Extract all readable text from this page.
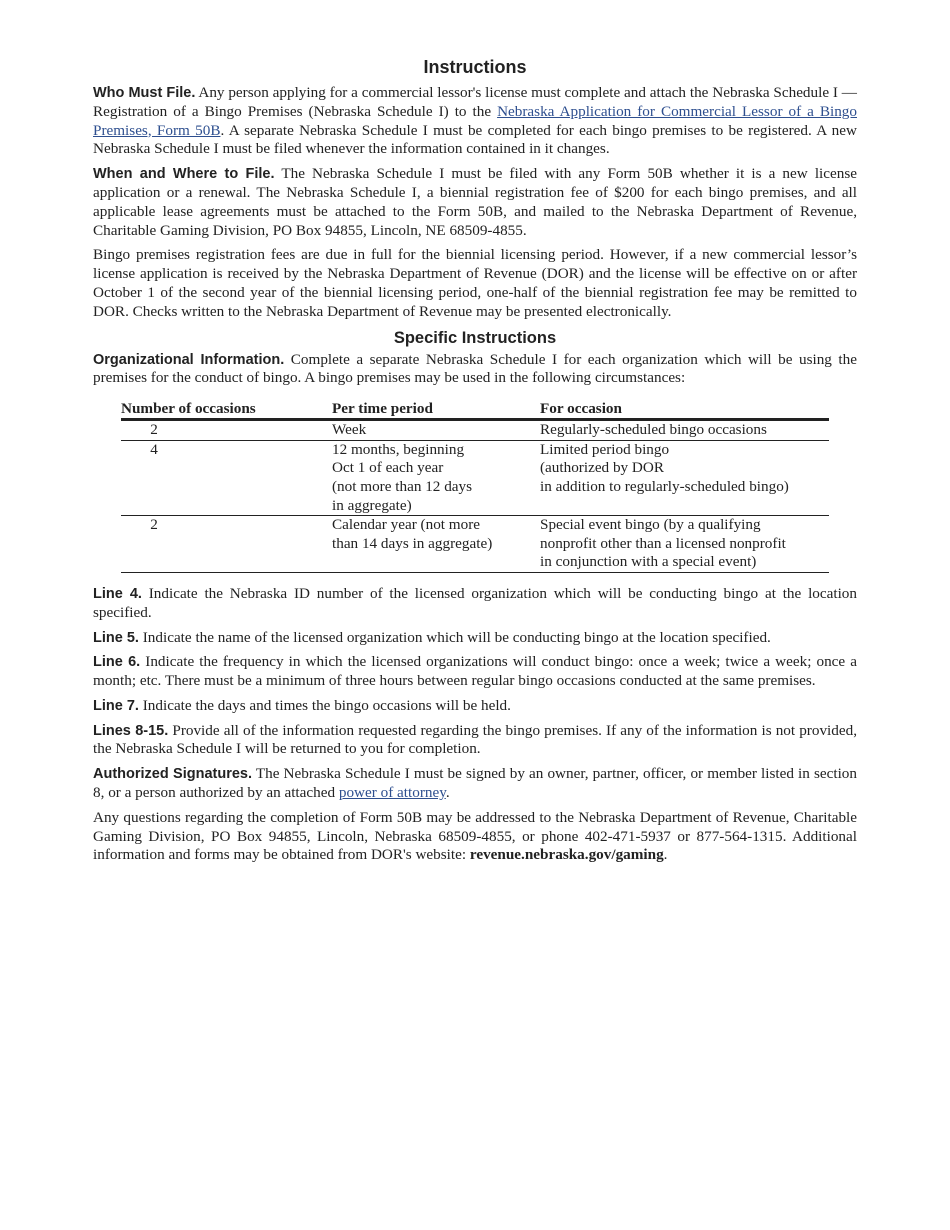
Instructions

Who Must File. Any person applying for a commercial lessor's license must complete and attach the Nebraska Schedule I — Registration of a Bingo Premises (Nebraska Schedule I) to the Nebraska Application for Commercial Lessor of a Bingo Premises, Form 50B. A separate Nebraska Schedule I must be completed for each bingo premises to be registered. A new Nebraska Schedule I must be filed whenever the information contained in it changes.

When and Where to File. The Nebraska Schedule I must be filed with any Form 50B whether it is a new license application or a renewal. The Nebraska Schedule I, a biennial registration fee of $200 for each bingo premises, and all applicable lease agreements must be attached to the Form 50B, and mailed to the Nebraska Department of Revenue, Charitable Gaming Division, PO Box 94855, Lincoln, NE 68509-4855.

Bingo premises registration fees are due in full for the biennial licensing period. However, if a new commercial lessor’s license application is received by the Nebraska Department of Revenue (DOR) and the license will be effective on or after October 1 of the second year of the biennial licensing period, one-half of the biennial registration fee may be remitted to DOR. Checks written to the Nebraska Department of Revenue may be presented electronically.

Specific Instructions

Organizational Information. Complete a separate Nebraska Schedule I for each organization which will be using the premises for the conduct of bingo. A bingo premises may be used in the following circumstances:

Number of occasions	Per time period	For occasion
2	Week	Regularly-scheduled bingo occasions

4	12 months, beginning
Oct 1 of each year
(not more than 12 days
in aggregate)	Limited period bingo
(authorized by DOR
in addition to regularly-scheduled bingo)

2	Calendar year (not more
than 14 days in aggregate)	Special event bingo (by a qualifying
nonprofit other than a licensed nonprofit
in conjunction with a special event)

Line 4. Indicate the Nebraska ID number of the licensed organization which will be conducting bingo at the location specified.

Line 5. Indicate the name of the licensed organization which will be conducting bingo at the location specified.

Line 6. Indicate the frequency in which the licensed organizations will conduct bingo: once a week; twice a week; once a month; etc. There must be a minimum of three hours between regular bingo occasions conducted at the same premises.

Line 7. Indicate the days and times the bingo occasions will be held.

Lines 8-15. Provide all of the information requested regarding the bingo premises. If any of the information is not provided, the Nebraska Schedule I will be returned to you for completion.

Authorized Signatures. The Nebraska Schedule I must be signed by an owner, partner, officer, or member listed in section 8, or a person authorized by an attached power of attorney.

Any questions regarding the completion of Form 50B may be addressed to the Nebraska Department of Revenue, Charitable Gaming Division, PO Box 94855, Lincoln, Nebraska 68509-4855, or phone 402-471-5937 or 877-564-1315. Additional information and forms may be obtained from DOR's website: revenue.nebraska.gov/gaming.
